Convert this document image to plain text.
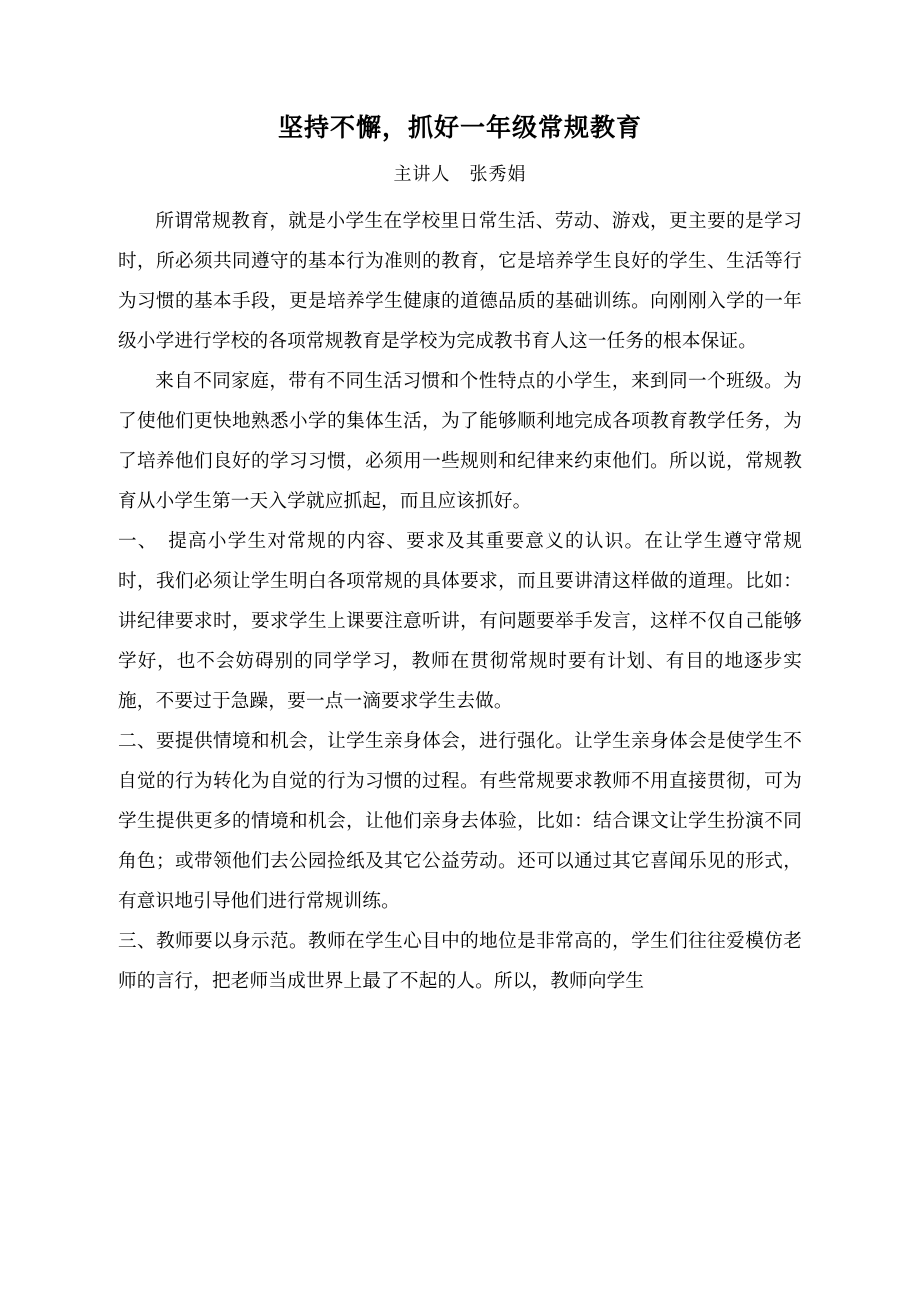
坚持不懈，抓好一年级常规教育
主讲人　张秀娟

所谓常规教育，就是小学生在学校里日常生活、劳动、游戏，更主要的是学习时，所必须共同遵守的基本行为准则的教育，它是培养学生良好的学生、生活等行为习惯的基本手段，更是培养学生健康的道德品质的基础训练。向刚刚入学的一年级小学进行学校的各项常规教育是学校为完成教书育人这一任务的根本保证。

来自不同家庭，带有不同生活习惯和个性特点的小学生，来到同一个班级。为了使他们更快地熟悉小学的集体生活，为了能够顺利地完成各项教育教学任务，为了培养他们良好的学习习惯，必须用一些规则和纪律来约束他们。所以说，常规教育从小学生第一天入学就应抓起，而且应该抓好。

一、　提高小学生对常规的内容、要求及其重要意义的认识。在让学生遵守常规时，我们必须让学生明白各项常规的具体要求，而且要讲清这样做的道理。比如：讲纪律要求时，要求学生上课要注意听讲，有问题要举手发言，这样不仅自己能够学好，也不会妨碍别的同学学习，教师在贯彻常规时要有计划、有目的地逐步实施，不要过于急躁，要一点一滴要求学生去做。

二、要提供情境和机会，让学生亲身体会，进行强化。让学生亲身体会是使学生不自觉的行为转化为自觉的行为习惯的过程。有些常规要求教师不用直接贯彻，可为学生提供更多的情境和机会，让他们亲身去体验，比如：结合课文让学生扮演不同角色；或带领他们去公园捡纸及其它公益劳动。还可以通过其它喜闻乐见的形式，有意识地引导他们进行常规训练。

三、教师要以身示范。教师在学生心目中的地位是非常高的，学生们往往爱模仿老师的言行，把老师当成世界上最了不起的人。所以，教师向学生
